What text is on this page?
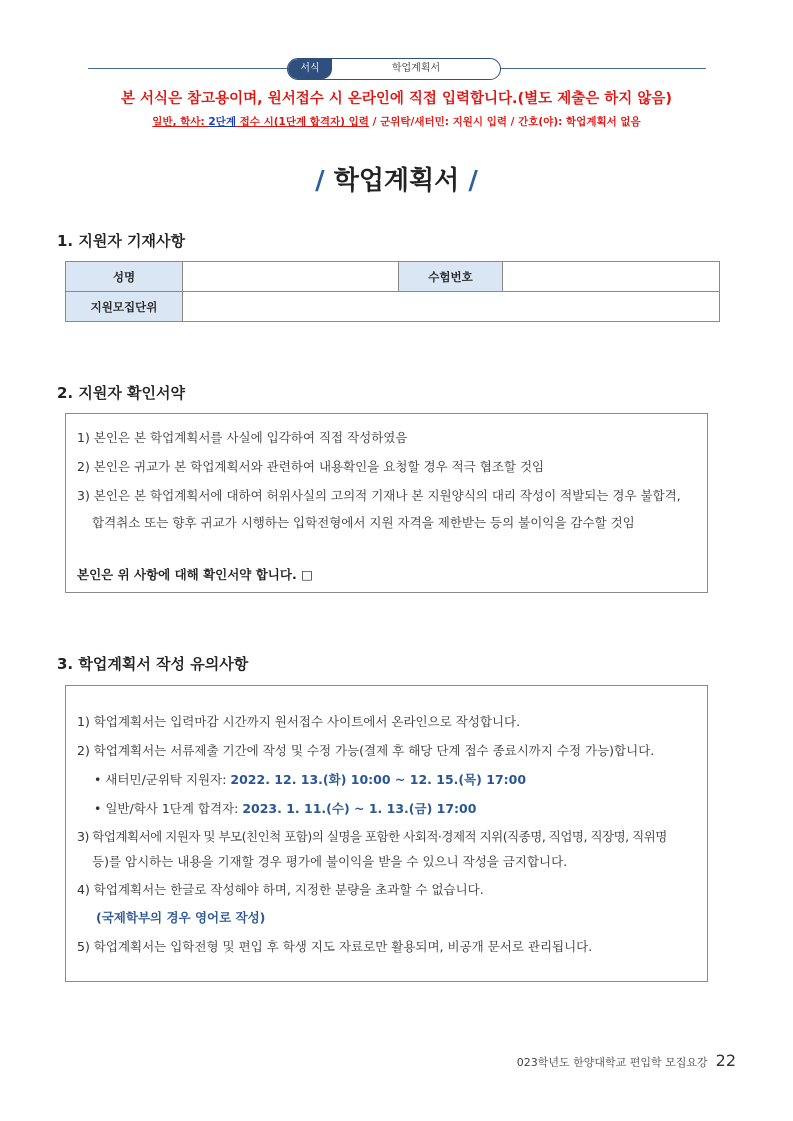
서식	학업계획서
본 서식은 참고용이며, 원서접수 시 온라인에 직접 입력합니다.(별도 제출은 하지 않음)
일반, 학사: 2단계 접수 시(1단계 합격자) 입력 / 군위탁/새터민: 지원시 입력 / 간호(야): 학업계획서 없음
/ 학업계획서 /
1. 지원자 기재사항
성명		수험번호	
지원모집단위			
2. 지원자 확인서약
1) 본인은 본 학업계획서를 사실에 입각하여 직접 작성하였음
2) 본인은 귀교가 본 학업계획서와 관련하여 내용확인을 요청할 경우 적극 협조할 것임
3) 본인은 본 학업계획서에 대하여 허위사실의 고의적 기재나 본 지원양식의 대리 작성이 적발되는 경우 불합격,
합격취소 또는 향후 귀교가 시행하는 입학전형에서 지원 자격을 제한받는 등의 불이익을 감수할 것임
본인은 위 사항에 대해 확인서약 합니다. □
3. 학업계획서 작성 유의사항
1) 학업계획서는 입력마감 시간까지 원서접수 사이트에서 온라인으로 작성합니다.
2) 학업계획서는 서류제출 기간에 작성 및 수정 가능(결제 후 해당 단계 접수 종료시까지 수정 가능)합니다.
• 새터민/군위탁 지원자: 2022. 12. 13.(화) 10:00 ~ 12. 15.(목) 17:00
• 일반/학사 1단계 합격자: 2023. 1. 11.(수) ~ 1. 13.(금) 17:00
3) 학업계획서에 지원자 및 부모(친인척 포함)의 실명을 포함한 사회적·경제적 지위(직종명, 직업명, 직장명, 직위명
등)를 암시하는 내용을 기재할 경우 평가에 불이익을 받을 수 있으니 작성을 금지합니다.
4) 학업계획서는 한글로 작성해야 하며, 지정한 분량을 초과할 수 없습니다.
(국제학부의 경우 영어로 작성)
5) 학업계획서는 입학전형 및 편입 후 학생 지도 자료로만 활용되며, 비공개 문서로 관리됩니다.
023학년도 한양대학교 편입학 모집요강 22
